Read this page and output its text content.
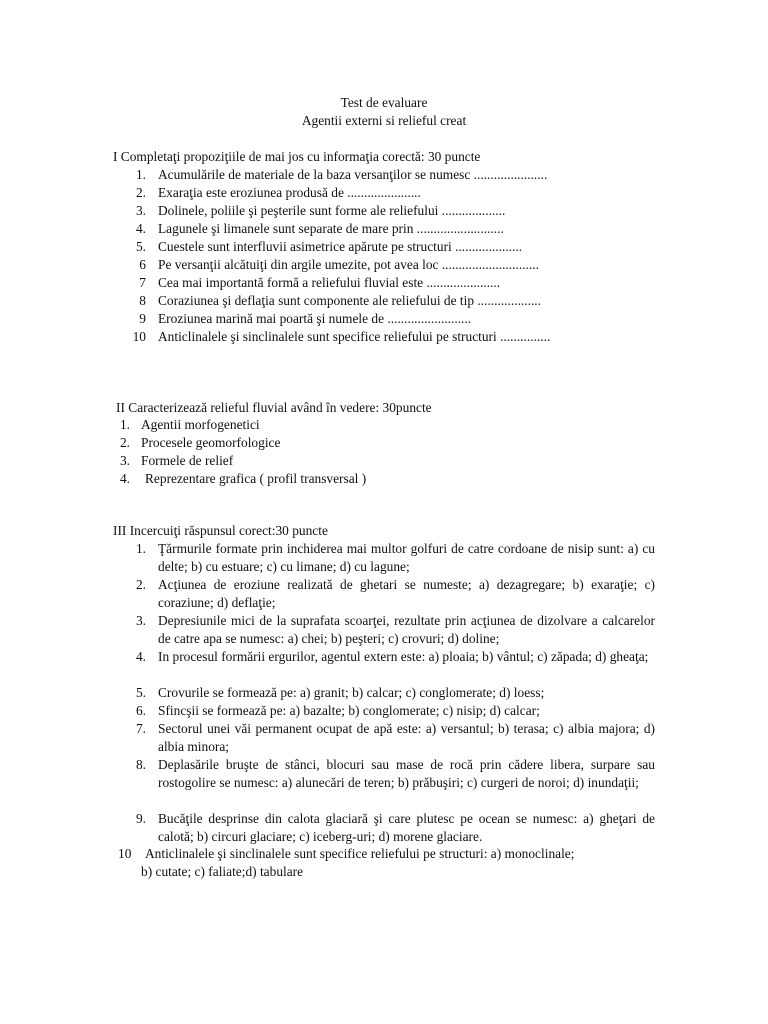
Test de evaluare
Agentii externi si relieful creat
I Completaţi propoziţiile de mai jos cu informaţia corectă: 30 puncte
1. Acumulările de materiale de la baza versanţilor se numesc ......................
2. Exaraţia este eroziunea produsă de ......................
3. Dolinele, poliile şi peşterile sunt forme ale reliefului ...................
4. Lagunele şi limanele sunt separate de mare prin ..........................
5. Cuestele sunt interfluvii asimetrice apărute pe structuri ....................
6 Pe versanţii alcătuiţi din argile umezite, pot avea loc .............................
7 Cea mai importantă formă a reliefului fluvial este ......................
8 Coraziunea şi deflaţia sunt componente ale reliefului de tip ...................
9 Eroziunea marină mai poartă şi numele de .........................
10 Anticlinalele şi sinclinalele sunt specifice reliefului pe structuri ...............
II Caracterizează relieful fluvial având în vedere: 30puncte
1. Agentii morfogenetici
2. Procesele geomorfologice
3. Formele de relief
4. Reprezentare grafica ( profil transversal )
III Incercuiţi răspunsul corect:30 puncte
1. Ţărmurile formate prin inchiderea mai multor golfuri de catre cordoane de nisip sunt: a) cu delte; b) cu estuare; c) cu limane; d) cu lagune;
2. Acţiunea de eroziune realizată de ghetari se numeste; a) dezagregare; b) exaraţie; c) coraziune; d) deflaţie;
3. Depresiunile mici de la suprafata scoarţei, rezultate prin acţiunea de dizolvare a calcarelor de catre apa se numesc: a) chei; b) peşteri; c) crovuri; d) doline;
4. In procesul formării ergurilor, agentul extern este: a) ploaia; b) vântul; c) zăpada; d) gheaţa;
5. Crovurile se formează pe: a) granit; b) calcar; c) conglomerate; d) loess;
6. Sfincşii se formează pe: a) bazalte; b) conglomerate; c) nisip; d) calcar;
7. Sectorul unei văi permanent ocupat de apă este: a) versantul; b) terasa; c) albia majora; d) albia minora;
8. Deplasările bruşte de stânci, blocuri sau mase de rocă prin cădere libera, surpare sau rostogolire se numesc: a) alunecări de teren; b) prăbuşiri; c) curgeri de noroi; d) inundaţii;
9. Bucăţile desprinse din calota glaciară şi care plutesc pe ocean se numesc: a) gheţari de calotă; b) circuri glaciare; c) iceberg-uri; d) morene glaciare.
10 Anticlinalele şi sinclinalele sunt specifice reliefului pe structuri: a) monoclinale;
b) cutate; c) faliate;d) tabulare
